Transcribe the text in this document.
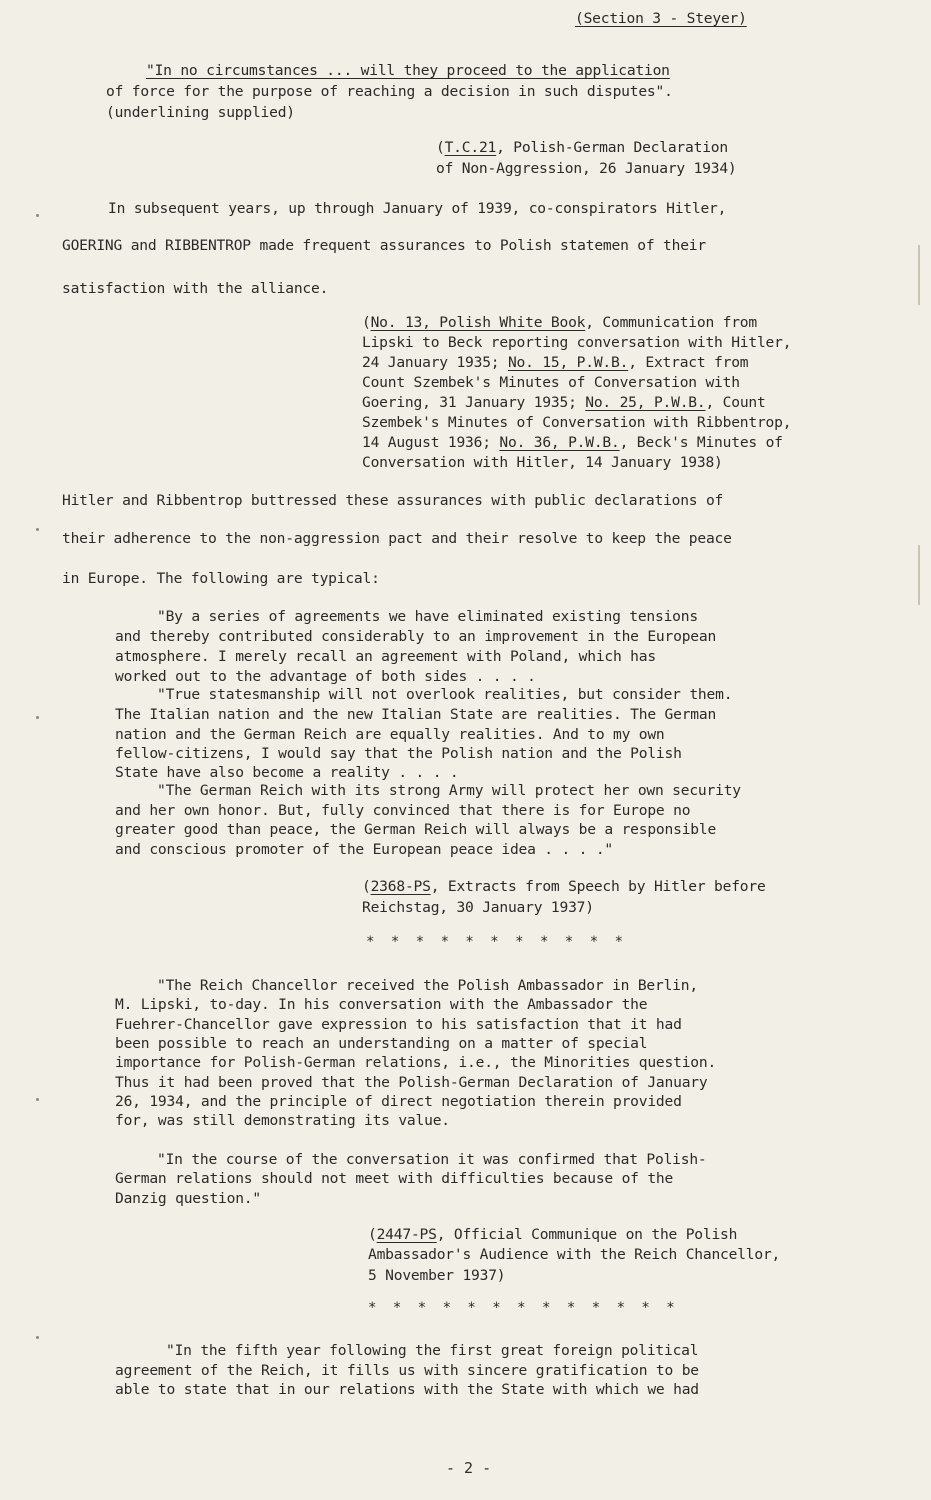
(Section 3 - Steyer)
"In no circumstances ... will they proceed to the application
of force for the purpose of reaching a decision in such disputes".
(underlining supplied)
(T.C.21, Polish-German Declaration
of Non-Aggression, 26 January 1934)
In subsequent years, up through January of 1939, co-conspirators Hitler,
GOERING and RIBBENTROP made frequent assurances to Polish statemen of their
satisfaction with the alliance.
(No. 13, Polish White Book, Communication from
Lipski to Beck reporting conversation with Hitler,
24 January 1935; No. 15, P.W.B., Extract from
Count Szembek's Minutes of Conversation with
Goering, 31 January 1935; No. 25, P.W.B., Count
Szembek's Minutes of Conversation with Ribbentrop,
14 August 1936; No. 36, P.W.B., Beck's Minutes of
Conversation with Hitler, 14 January 1938)
Hitler and Ribbentrop buttressed these assurances with public declarations of
their adherence to the non-aggression pact and their resolve to keep the peace
in Europe. The following are typical:
"By a series of agreements we have eliminated existing tensions
and thereby contributed considerably to an improvement in the European
atmosphere. I merely recall an agreement with Poland, which has
worked out to the advantage of both sides . . . .
"True statesmanship will not overlook realities, but consider them.
The Italian nation and the new Italian State are realities. The German
nation and the German Reich are equally realities. And to my own
fellow-citizens, I would say that the Polish nation and the Polish
State have also become a reality . . . .
"The German Reich with its strong Army will protect her own security
and her own honor. But, fully convinced that there is for Europe no
greater good than peace, the German Reich will always be a responsible
and conscious promoter of the European peace idea . . . ."
(2368-PS, Extracts from Speech by Hitler before
Reichstag, 30 January 1937)
* * * * * * * * * * *
"The Reich Chancellor received the Polish Ambassador in Berlin,
M. Lipski, to-day. In his conversation with the Ambassador the
Fuehrer-Chancellor gave expression to his satisfaction that it had
been possible to reach an understanding on a matter of special
importance for Polish-German relations, i.e., the Minorities question.
Thus it had been proved that the Polish-German Declaration of January
26, 1934, and the principle of direct negotiation therein provided
for, was still demonstrating its value.
"In the course of the conversation it was confirmed that Polish-
German relations should not meet with difficulties because of the
Danzig question."
(2447-PS, Official Communique on the Polish
Ambassador's Audience with the Reich Chancellor,
5 November 1937)
* * * * * * * * * * * * *
"In the fifth year following the first great foreign political
agreement of the Reich, it fills us with sincere gratification to be
able to state that in our relations with the State with which we had
- 2 -
